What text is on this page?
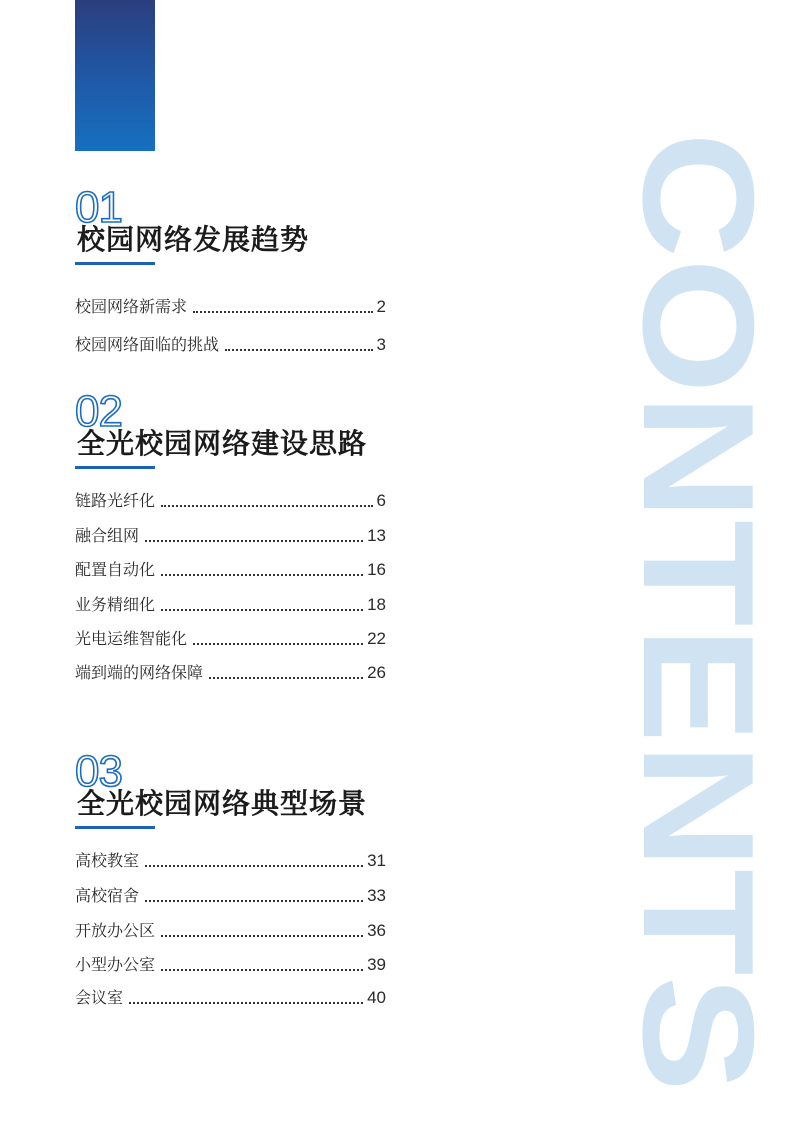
CONTENTS
01
校园网络发展趋势
校园网络新需求	2
校园网络面临的挑战	3
02
全光校园网络建设思路
链路光纤化	6
融合组网	13
配置自动化	16
业务精细化	18
光电运维智能化	22
端到端的网络保障	26
03
全光校园网络典型场景
高校教室	31
高校宿舍	33
开放办公区	36
小型办公室	39
会议室	40
